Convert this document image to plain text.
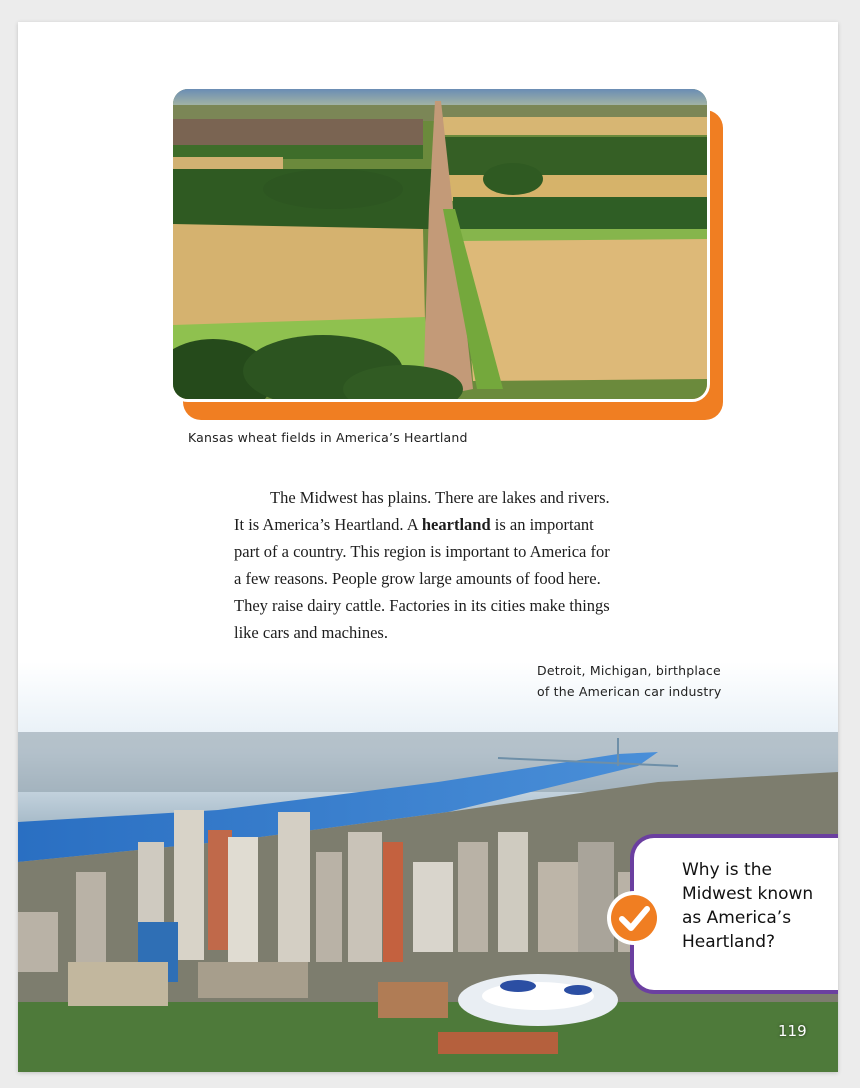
Kansas wheat fields in America’s Heartland
The Midwest has plains. There are lakes and rivers.
It is America’s Heartland. A heartland is an important
part of a country. This region is important to America for
a few reasons. People grow large amounts of food here.
They raise dairy cattle. Factories in its cities make things
like cars and machines.
Detroit, Michigan, birthplace
of the American car industry
Why is the
Midwest known
as America’s
Heartland?
119
